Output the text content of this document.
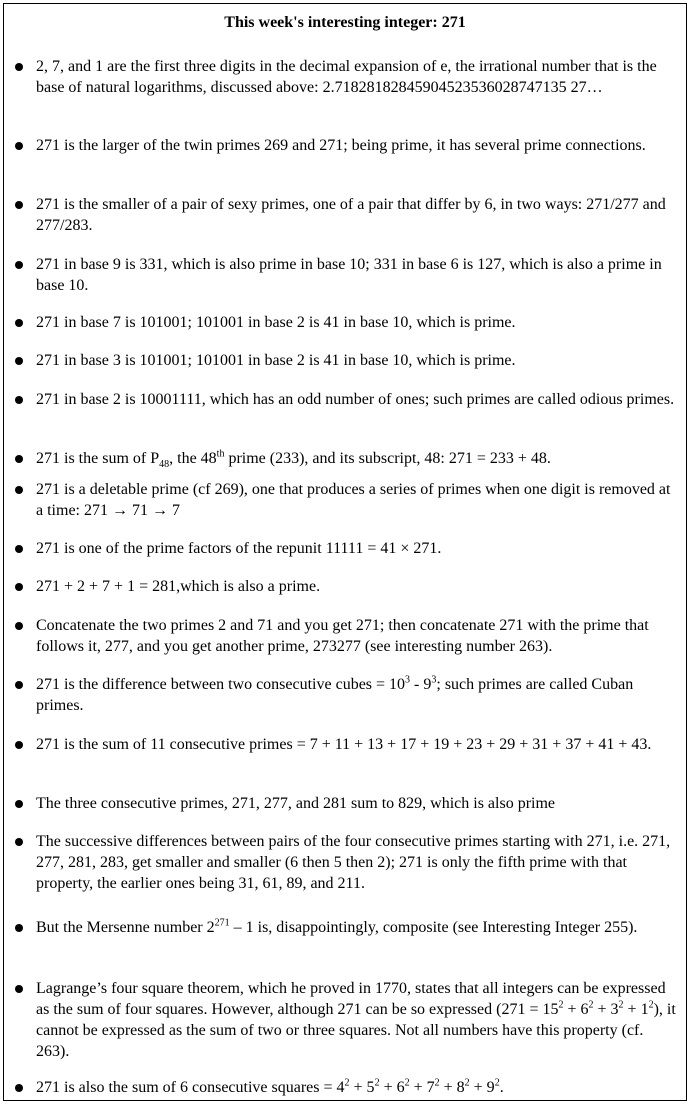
This week's interesting integer: 271
2, 7, and 1 are the first three digits in the decimal expansion of e, the irrational number that is the base of natural logarithms, discussed above: 2.71828182845904523536028747135 27…
271 is the larger of the twin primes 269 and 271; being prime, it has several prime connections.
271 is the smaller of a pair of sexy primes, one of a pair that differ by 6, in two ways: 271/277 and 277/283.
271 in base 9 is 331, which is also prime in base 10; 331 in base 6 is 127, which is also a prime in base 10.
271 in base 7 is 101001; 101001 in base 2 is 41 in base 10, which is prime.
271 in base 3 is 101001; 101001 in base 2 is 41 in base 10, which is prime.
271 in base 2 is 10001111, which has an odd number of ones; such primes are called odious primes.
271 is the sum of $P_{48}$, the 48th prime (233), and its subscript, 48: 271 = 233 + 48.
271 is a deletable prime (cf 269), one that produces a series of primes when one digit is removed at a time: 271 → 71 → 7
271 is one of the prime factors of the repunit 11111 = 41 × 271.
271 + 2 + 7 + 1 = 281,which is also a prime.
Concatenate the two primes 2 and 71 and you get 271; then concatenate 271 with the prime that follows it, 277, and you get another prime, 273277 (see interesting number 263).
271 is the difference between two consecutive cubes = $10^3 - 9^3$; such primes are called Cuban primes.
271 is the sum of 11 consecutive primes = 7 + 11 + 13 + 17 + 19 + 23 + 29 + 31 + 37 + 41 + 43.
The three consecutive primes, 271, 277, and 281 sum to 829, which is also prime
The successive differences between pairs of the four consecutive primes starting with 271, i.e. 271, 277, 281, 283, get smaller and smaller (6 then 5 then 2); 271 is only the fifth prime with that property, the earlier ones being 31, 61, 89, and 211.
But the Mersenne number $2^{271} - 1$ is, disappointingly, composite (see Interesting Integer 255).
Lagrange’s four square theorem, which he proved in 1770, states that all integers can be expressed as the sum of four squares. However, although 271 can be so expressed $(271 = 15^2 + 6^2 + 3^2 + 1^2)$, it cannot be expressed as the sum of two or three squares. Not all numbers have this property (cf. 263).
271 is also the sum of 6 consecutive squares = $4^2 + 5^2 + 6^2 + 7^2 + 8^2 + 9^2$.
